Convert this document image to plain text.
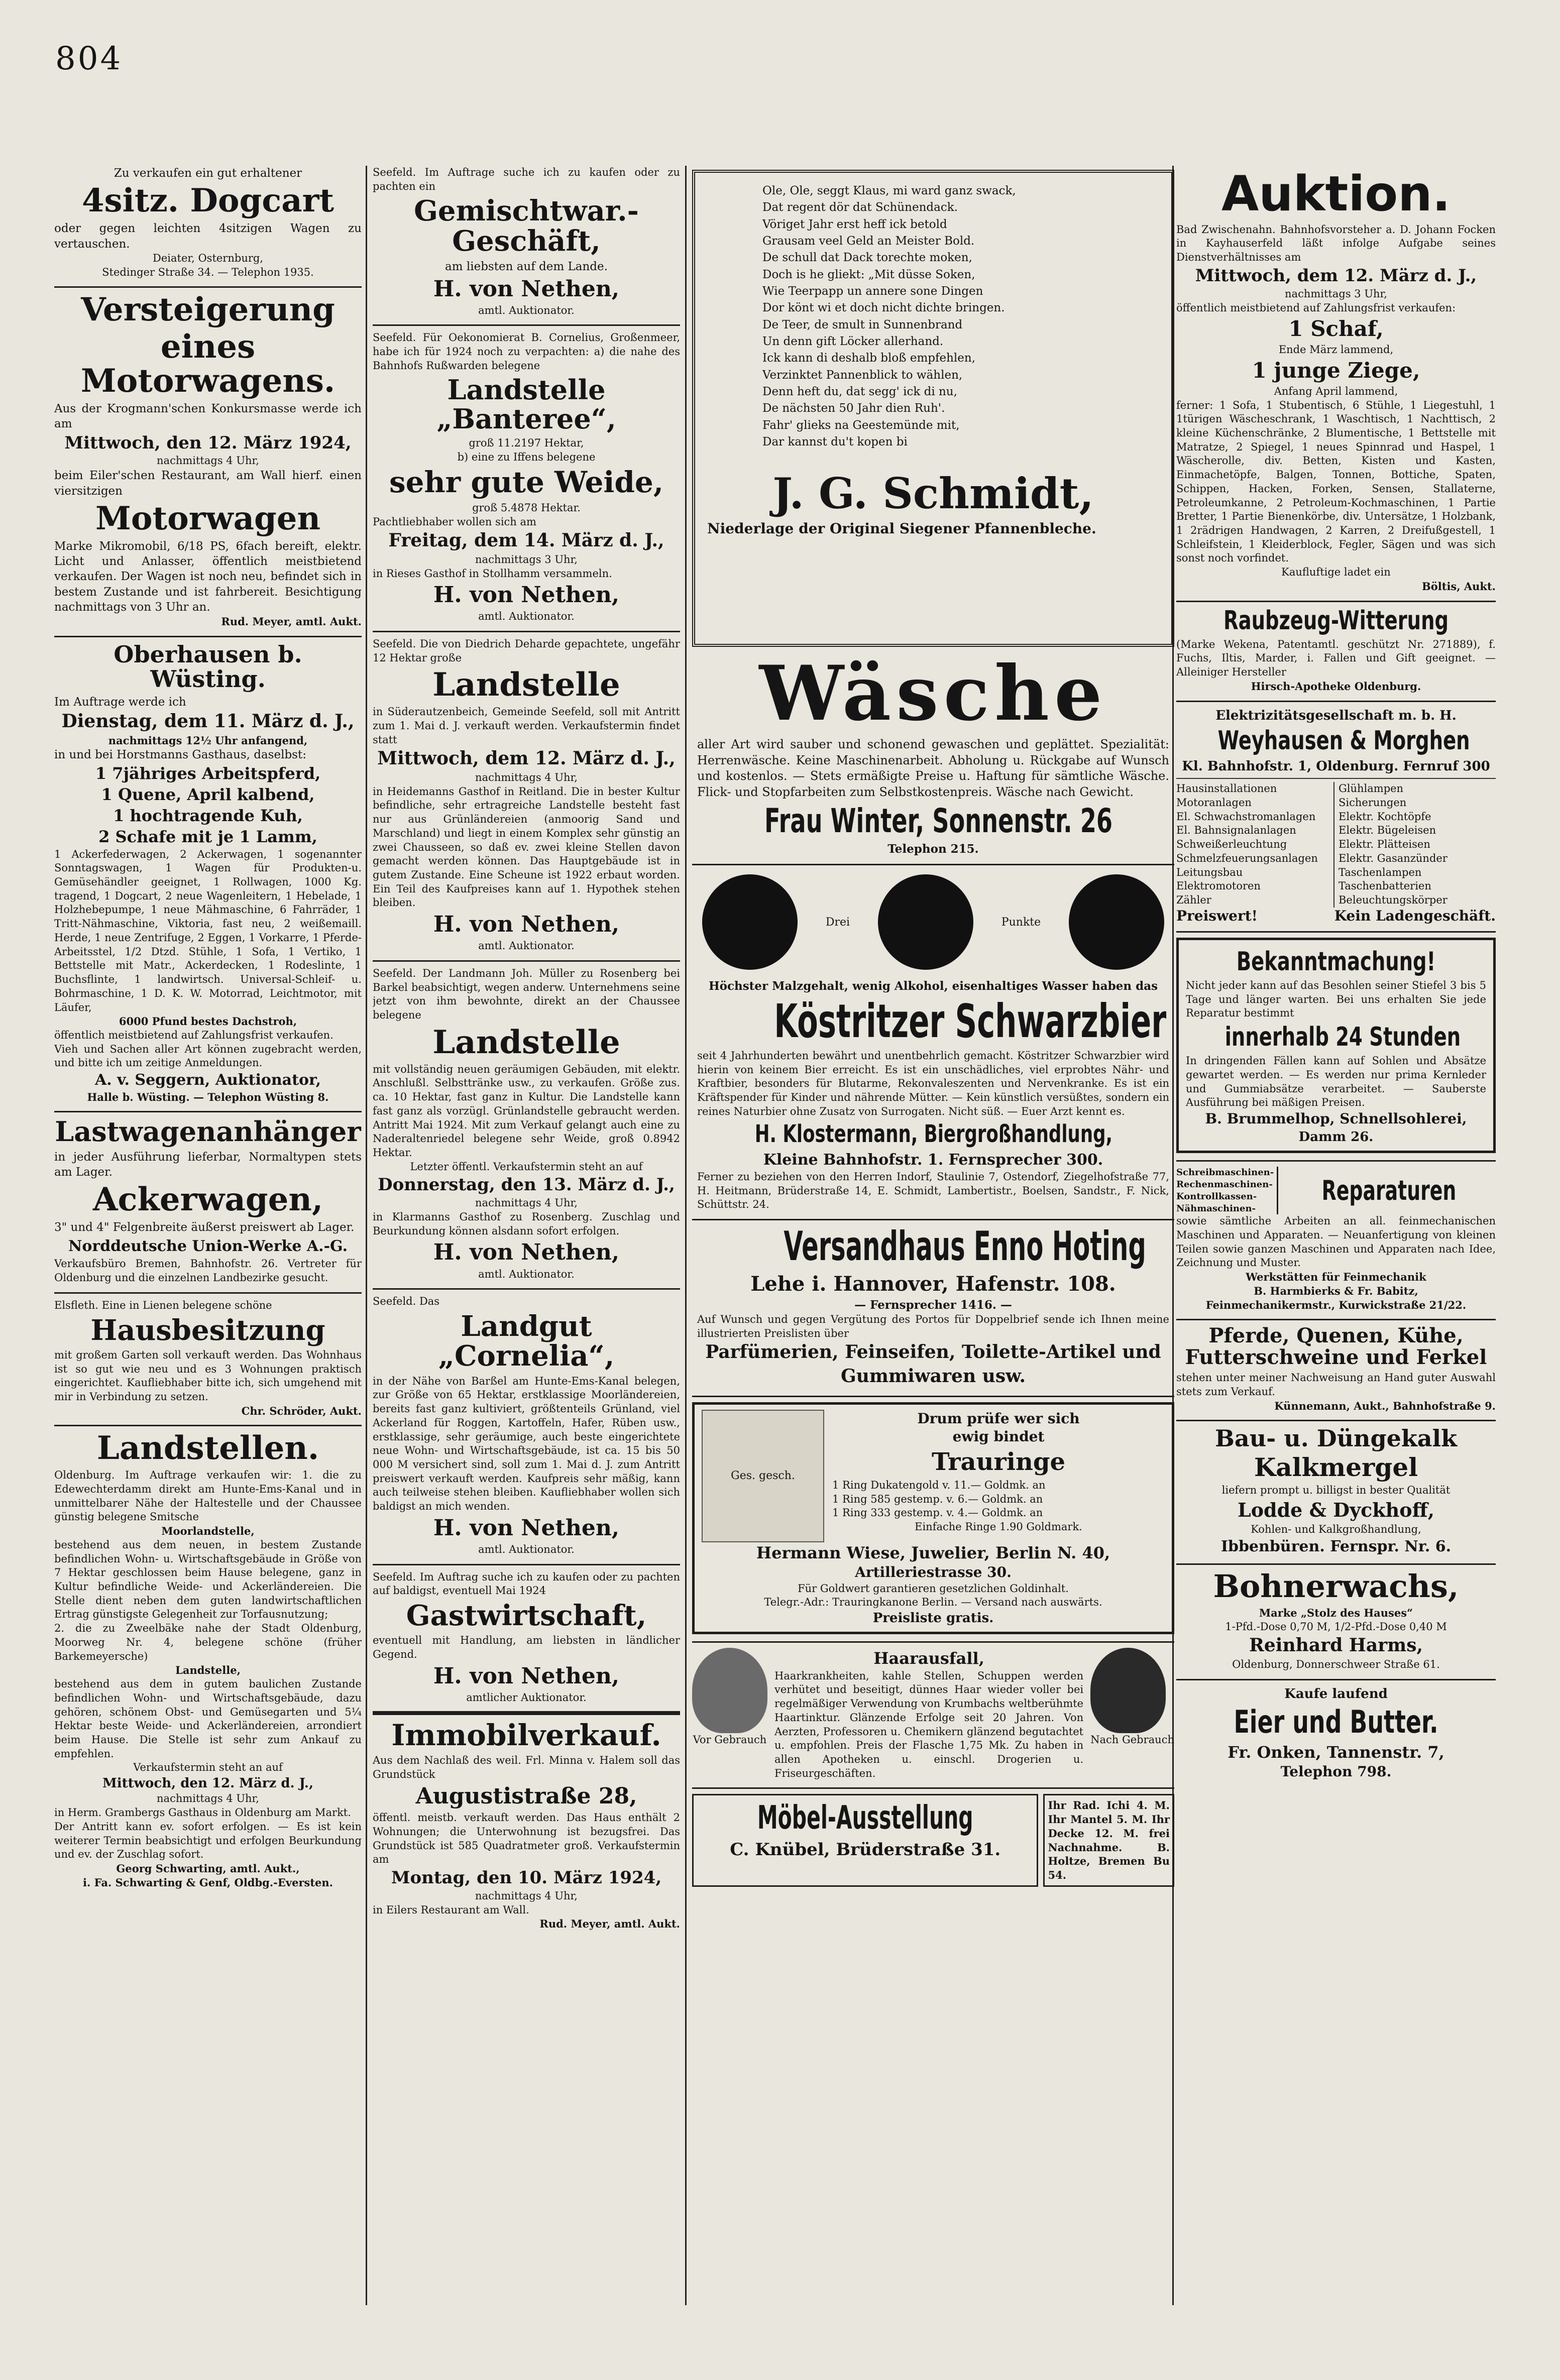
804

Zu verkaufen ein gut erhaltener

4sitz. Dogcart

oder gegen leichten 4sitzigen Wagen zu vertauschen.

Deiater, Osternburg,

Stedinger Straße 34. — Telephon 1935.

Versteigerung
eines Motorwagens.

Aus der Krogmann'schen Konkursmasse werde ich am

Mittwoch, den 12. März 1924,

nachmittags 4 Uhr,

beim Eiler'schen Restaurant, am Wall hierf. einen viersitzigen

Motorwagen

Marke Mikromobil, 6/18 PS, 6fach bereift, elektr. Licht und Anlasser, öffentlich meistbietend verkaufen. Der Wagen ist noch neu, befindet sich in bestem Zustande und ist fahrbereit. Besichtigung nachmittags von 3 Uhr an.

Rud. Meyer, amtl. Aukt.

Oberhausen b. Wüsting.

Im Auftrage werde ich

Dienstag, dem 11. März d. J.,

nachmittags 12½ Uhr anfangend,

in und bei Horstmanns Gasthaus, daselbst:

1 7jähriges Arbeitspferd,

1 Quene, April kalbend,

1 hochtragende Kuh,

2 Schafe mit je 1 Lamm,

1 Ackerfederwagen, 2 Ackerwagen, 1 sogenannter Sonntagswagen, 1 Wagen für Produkten-u. Gemüsehändler geeignet, 1 Rollwagen, 1000 Kg. tragend, 1 Dogcart, 2 neue Wagenleitern, 1 Hebelade, 1 Holzhebepumpe, 1 neue Mähmaschine, 6 Fahrräder, 1 Tritt-Nähmaschine, Viktoria, fast neu, 2 weißemaill. Herde, 1 neue Zentrifuge, 2 Eggen, 1 Vorkarre, 1 Pferde-Arbeitsstel, 1/2 Dtzd. Stühle, 1 Sofa, 1 Vertiko, 1 Bettstelle mit Matr., Ackerdecken, 1 Rodeslinte, 1 Buchsflinte, 1 landwirtsch. Universal-Schleif- u. Bohrmaschine, 1 D. K. W. Motorrad, Leichtmotor, mit Läufer,

6000 Pfund bestes Dachstroh,

öffentlich meistbietend auf Zahlungsfrist verkaufen.

Vieh und Sachen aller Art können zugebracht werden, und bitte ich um zeitige Anmeldungen.

A. v. Seggern, Auktionator,

Halle b. Wüsting. — Telephon Wüsting 8.

Lastwagenanhänger

in jeder Ausführung lieferbar, Normaltypen stets am Lager.

Ackerwagen,

3" und 4" Felgenbreite äußerst preiswert ab Lager.

Norddeutsche Union-Werke A.-G.

Verkaufsbüro Bremen, Bahnhofstr. 26. Vertreter für Oldenburg und die einzelnen Landbezirke gesucht.

Elsfleth. Eine in Lienen belegene schöne

Hausbesitzung

mit großem Garten soll verkauft werden. Das Wohnhaus ist so gut wie neu und es 3 Wohnungen praktisch eingerichtet. Kaufliebhaber bitte ich, sich umgehend mit mir in Verbindung zu setzen.

Chr. Schröder, Aukt.

Landstellen.

Oldenburg. Im Auftrage verkaufen wir: 1. die zu Edewechterdamm direkt am Hunte-Ems-Kanal und in unmittelbarer Nähe der Haltestelle und der Chaussee günstig belegene Smitsche

Moorlandstelle,

bestehend aus dem neuen, in bestem Zustande befindlichen Wohn- u. Wirtschaftsgebäude in Größe von 7 Hektar geschlossen beim Hause belegene, ganz in Kultur befindliche Weide- und Ackerländereien. Die Stelle dient neben dem guten landwirtschaftlichen Ertrag günstigste Gelegenheit zur Torfausnutzung;

2. die zu Zweelbäke nahe der Stadt Oldenburg, Moorweg Nr. 4, belegene schöne (früher Barkemeyersche)

Landstelle,

bestehend aus dem in gutem baulichen Zustande befindlichen Wohn- und Wirtschaftsgebäude, dazu gehören, schönem Obst- und Gemüsegarten und 5¼ Hektar beste Weide- und Ackerländereien, arrondiert beim Hause. Die Stelle ist sehr zum Ankauf zu empfehlen.

Verkaufstermin steht an auf

Mittwoch, den 12. März d. J.,

nachmittags 4 Uhr,

in Herm. Grambergs Gasthaus in Oldenburg am Markt.

Der Antritt kann ev. sofort erfolgen. — Es ist kein weiterer Termin beabsichtigt und erfolgen Beurkundung und ev. der Zuschlag sofort.

Georg Schwarting, amtl. Aukt.,

i. Fa. Schwarting & Genf, Oldbg.-Eversten.

Seefeld. Im Auftrage suche ich zu kaufen oder zu pachten ein

Gemischtwar.-Geschäft,

am liebsten auf dem Lande.

H. von Nethen,

amtl. Auktionator.

Seefeld. Für Oekonomierat B. Cornelius, Großenmeer, habe ich für 1924 noch zu verpachten: a) die nahe des Bahnhofs Rußwarden belegene

Landstelle „Banteree“,

groß 11.2197 Hektar,

b) eine zu Iffens belegene

sehr gute Weide,

groß 5.4878 Hektar.

Pachtliebhaber wollen sich am

Freitag, dem 14. März d. J.,

nachmittags 3 Uhr,

in Rieses Gasthof in Stollhamm versammeln.

H. von Nethen,

amtl. Auktionator.

Seefeld. Die von Diedrich Deharde gepachtete, ungefähr 12 Hektar große

Landstelle

in Süderautzenbeich, Gemeinde Seefeld, soll mit Antritt zum 1. Mai d. J. verkauft werden. Verkaufstermin findet statt

Mittwoch, dem 12. März d. J.,

nachmittags 4 Uhr,

in Heidemanns Gasthof in Reitland. Die in bester Kultur befindliche, sehr ertragreiche Landstelle besteht fast nur aus Grünländereien (anmoorig Sand und Marschland) und liegt in einem Komplex sehr günstig an zwei Chausseen, so daß ev. zwei kleine Stellen davon gemacht werden können. Das Hauptgebäude ist in gutem Zustande. Eine Scheune ist 1922 erbaut worden. Ein Teil des Kaufpreises kann auf 1. Hypothek stehen bleiben.

H. von Nethen,

amtl. Auktionator.

Seefeld. Der Landmann Joh. Müller zu Rosenberg bei Barkel beabsichtigt, wegen anderw. Unternehmens seine jetzt von ihm bewohnte, direkt an der Chaussee belegene

Landstelle

mit vollständig neuen geräumigen Gebäuden, mit elektr. Anschlußl. Selbsttränke usw., zu verkaufen. Größe zus. ca. 10 Hektar, fast ganz in Kultur. Die Landstelle kann fast ganz als vorzügl. Grünlandstelle gebraucht werden. Antritt Mai 1924. Mit zum Verkauf gelangt auch eine zu Naderaltenriedel belegene sehr Weide, groß 0.8942 Hektar.

Letzter öffentl. Verkaufstermin steht an auf

Donnerstag, den 13. März d. J.,

nachmittags 4 Uhr,

in Klarmanns Gasthof zu Rosenberg. Zuschlag und Beurkundung können alsdann sofort erfolgen.

H. von Nethen,

amtl. Auktionator.

Seefeld. Das

Landgut „Cornelia“,

in der Nähe von Barßel am Hunte-Ems-Kanal belegen, zur Größe von 65 Hektar, erstklassige Moorländereien, bereits fast ganz kultiviert, größtenteils Grünland, viel Ackerland für Roggen, Kartoffeln, Hafer, Rüben usw., erstklassige, sehr geräumige, auch beste eingerichtete neue Wohn- und Wirtschaftsgebäude, ist ca. 15 bis 50 000 M versichert sind, soll zum 1. Mai d. J. zum Antritt preiswert verkauft werden. Kaufpreis sehr mäßig, kann auch teilweise stehen bleiben. Kaufliebhaber wollen sich baldigst an mich wenden.

H. von Nethen,

amtl. Auktionator.

Seefeld. Im Auftrag suche ich zu kaufen oder zu pachten auf baldigst, eventuell Mai 1924

Gastwirtschaft,

eventuell mit Handlung, am liebsten in ländlicher Gegend.

H. von Nethen,

amtlicher Auktionator.

Immobilverkauf.

Aus dem Nachlaß des weil. Frl. Minna v. Halem soll das Grundstück

Augustistraße 28,

öffentl. meistb. verkauft werden. Das Haus enthält 2 Wohnungen; die Unterwohnung ist bezugsfrei. Das Grundstück ist 585 Quadratmeter groß. Verkaufstermin am

Montag, den 10. März 1924,

nachmittags 4 Uhr,

in Eilers Restaurant am Wall.

Rud. Meyer, amtl. Aukt.

Ole, Ole, seggt Klaus, mi ward ganz swack,

Dat regent dör dat Schünendack.

Vöriget Jahr erst heff ick betold

Grausam veel Geld an Meister Bold.

De schull dat Dack torechte moken,

Doch is he gliekt: „Mit düsse Soken,

Wie Teerpapp un annere sone Dingen

Dor könt wi et doch nicht dichte bringen.

De Teer, de smult in Sunnenbrand

Un denn gift Löcker allerhand.

Ick kann di deshalb bloß empfehlen,

Verzinktet Pannenblick to wählen,

Denn heft du, dat segg' ick di nu,

De nächsten 50 Jahr dien Ruh'.

Fahr' glieks na Geestemünde mit,

Dar kannst du't kopen bi

J. G. Schmidt,

Niederlage der Original Siegener Pfannenbleche.

Wäsche

aller Art wird sauber und schonend gewaschen und geplättet. Spezialität: Herrenwäsche. Keine Maschinenarbeit. Abholung u. Rückgabe auf Wunsch und kostenlos. — Stets ermäßigte Preise u. Haftung für sämtliche Wäsche. Flick- und Stopfarbeiten zum Selbstkostenpreis. Wäsche nach Gewicht.

Frau Winter, Sonnenstr. 26

Telephon 215.

Drei	Punkte

Höchster Malzgehalt, wenig Alkohol, eisenhaltiges Wasser haben das

Köstritzer Schwarzbier

seit 4 Jahrhunderten bewährt und unentbehrlich gemacht. Köstritzer Schwarzbier wird hierin von keinem Bier erreicht. Es ist ein unschädliches, viel erprobtes Nähr- und Kraftbier, besonders für Blutarme, Rekonvaleszenten und Nervenkranke. Es ist ein Kräftspender für Kinder und nährende Mütter. — Kein künstlich versüßtes, sondern ein reines Naturbier ohne Zusatz von Surrogaten. Nicht süß. — Euer Arzt kennt es.

H. Klostermann, Biergroßhandlung,

Kleine Bahnhofstr. 1. Fernsprecher 300.

Ferner zu beziehen von den Herren Indorf, Staulinie 7, Ostendorf, Ziegelhofstraße 77, H. Heitmann, Brüderstraße 14, E. Schmidt, Lambertistr., Boelsen, Sandstr., F. Nick, Schüttstr. 24.

Versandhaus Enno Hoting

Lehe i. Hannover, Hafenstr. 108.

— Fernsprecher 1416. —

Auf Wunsch und gegen Vergütung des Portos für Doppelbrief sende ich Ihnen meine illustrierten Preislisten über

Parfümerien, Feinseifen, Toilette-Artikel und Gummiwaren usw.

Ges. gesch.

Drum prüfe wer sich

ewig bindet

Trauringe

1 Ring Dukatengold v. 11.— Goldmk. an

1 Ring 585 gestemp. v. 6.— Goldmk. an

1 Ring 333 gestemp. v. 4.— Goldmk. an

Einfache Ringe 1.90 Goldmark.

Hermann Wiese, Juwelier, Berlin N. 40,

Artilleriestrasse 30.

Für Goldwert garantieren gesetzlichen Goldinhalt.

Telegr.-Adr.: Trauringkanone Berlin. — Versand nach auswärts.

Preisliste gratis.

Vor Gebrauch

Haarausfall,

Haarkrankheiten, kahle Stellen, Schuppen werden verhütet und beseitigt, dünnes Haar wieder voller bei regelmäßiger Verwendung von Krumbachs weltberühmte Haartinktur. Glänzende Erfolge seit 20 Jahren. Von Aerzten, Professoren u. Chemikern glänzend begutachtet u. empfohlen. Preis der Flasche 1,75 Mk. Zu haben in allen Apotheken u. einschl. Drogerien u. Friseurgeschäften.

Nach Gebrauch

Möbel-Ausstellung

C. Knübel, Brüderstraße 31.

Ihr Rad. Ichi 4. M. Ihr Mantel 5. M. Ihr Decke 12. M. frei Nachnahme. B. Holtze, Bremen Bu 54.

Auktion.

Bad Zwischenahn. Bahnhofsvorsteher a. D. Johann Focken in Kayhauserfeld läßt infolge Aufgabe seines Dienstverhältnisses am

Mittwoch, dem 12. März d. J.,

nachmittags 3 Uhr,

öffentlich meistbietend auf Zahlungsfrist verkaufen:

1 Schaf,

Ende März lammend,

1 junge Ziege,

Anfang April lammend,

ferner: 1 Sofa, 1 Stubentisch, 6 Stühle, 1 Liegestuhl, 1 1türigen Wäscheschrank, 1 Waschtisch, 1 Nachttisch, 2 kleine Küchenschränke, 2 Blumentische, 1 Bettstelle mit Matratze, 2 Spiegel, 1 neues Spinnrad und Haspel, 1 Wäscherolle, div. Betten, Kisten und Kasten, Einmachetöpfe, Balgen, Tonnen, Bottiche, Spaten, Schippen, Hacken, Forken, Sensen, Stallaterne, Petroleumkanne, 2 Petroleum-Kochmaschinen, 1 Partie Bretter, 1 Partie Bienenkörbe, div. Untersätze, 1 Holzbank, 1 2rädrigen Handwagen, 2 Karren, 2 Dreifußgestell, 1 Schleifstein, 1 Kleiderblock, Fegler, Sägen und was sich sonst noch vorfindet.

Kaufluftige ladet ein

Böltis, Aukt.

Raubzeug-Witterung

(Marke Wekena, Patentamtl. geschützt Nr. 271889), f. Fuchs, Iltis, Marder, i. Fallen und Gift geeignet. — Alleiniger Hersteller

Hirsch-Apotheke Oldenburg.

Elektrizitätsgesellschaft m. b. H.

Weyhausen & Morghen

Kl. Bahnhofstr. 1, Oldenburg. Fernruf 300

Hausinstallationen

Motoranlagen

El. Schwachstromanlagen

El. Bahnsignalanlagen

Schweißerleuchtung

Schmelzfeuerungsanlagen

Leitungsbau

Elektromotoren

Zähler

Glühlampen

Sicherungen

Elektr. Kochtöpfe

Elektr. Bügeleisen

Elektr. Plätteisen

Elektr. Gasanzünder

Taschenlampen

Taschenbatterien

Beleuchtungskörper

Preiswert!	Kein Ladengeschäft.
Bekanntmachung!

Nicht jeder kann auf das Besohlen seiner Stiefel 3 bis 5 Tage und länger warten. Bei uns erhalten Sie jede Reparatur bestimmt

innerhalb 24 Stunden

In dringenden Fällen kann auf Sohlen und Absätze gewartet werden. — Es werden nur prima Kernleder und Gummiabsätze verarbeitet. — Sauberste Ausführung bei mäßigen Preisen.

B. Brummelhop, Schnellsohlerei,

Damm 26.

Schreibmaschinen-Rechenmaschinen-Kontrollkassen-Nähmaschinen-

Reparaturen

sowie sämtliche Arbeiten an all. feinmechanischen Maschinen und Apparaten. — Neuanfertigung von kleinen Teilen sowie ganzen Maschinen und Apparaten nach Idee, Zeichnung und Muster.

Werkstätten für Feinmechanik

B. Harmbierks & Fr. Babitz,

Feinmechanikermstr., Kurwickstraße 21/22.

Pferde, Quenen, Kühe, Futterschweine und Ferkel

stehen unter meiner Nachweisung an Hand guter Auswahl stets zum Verkauf.

Künnemann, Aukt., Bahnhofstraße 9.

Bau- u. Düngekalk
Kalkmergel

liefern prompt u. billigst in bester Qualität

Lodde & Dyckhoff,

Kohlen- und Kalkgroßhandlung,

Ibbenbüren. Fernspr. Nr. 6.

Bohnerwachs,

Marke „Stolz des Hauses“

1-Pfd.-Dose 0,70 M, 1/2-Pfd.-Dose 0,40 M

Reinhard Harms,

Oldenburg, Donnerschweer Straße 61.

Kaufe laufend

Eier und Butter.

Fr. Onken, Tannenstr. 7,

Telephon 798.
